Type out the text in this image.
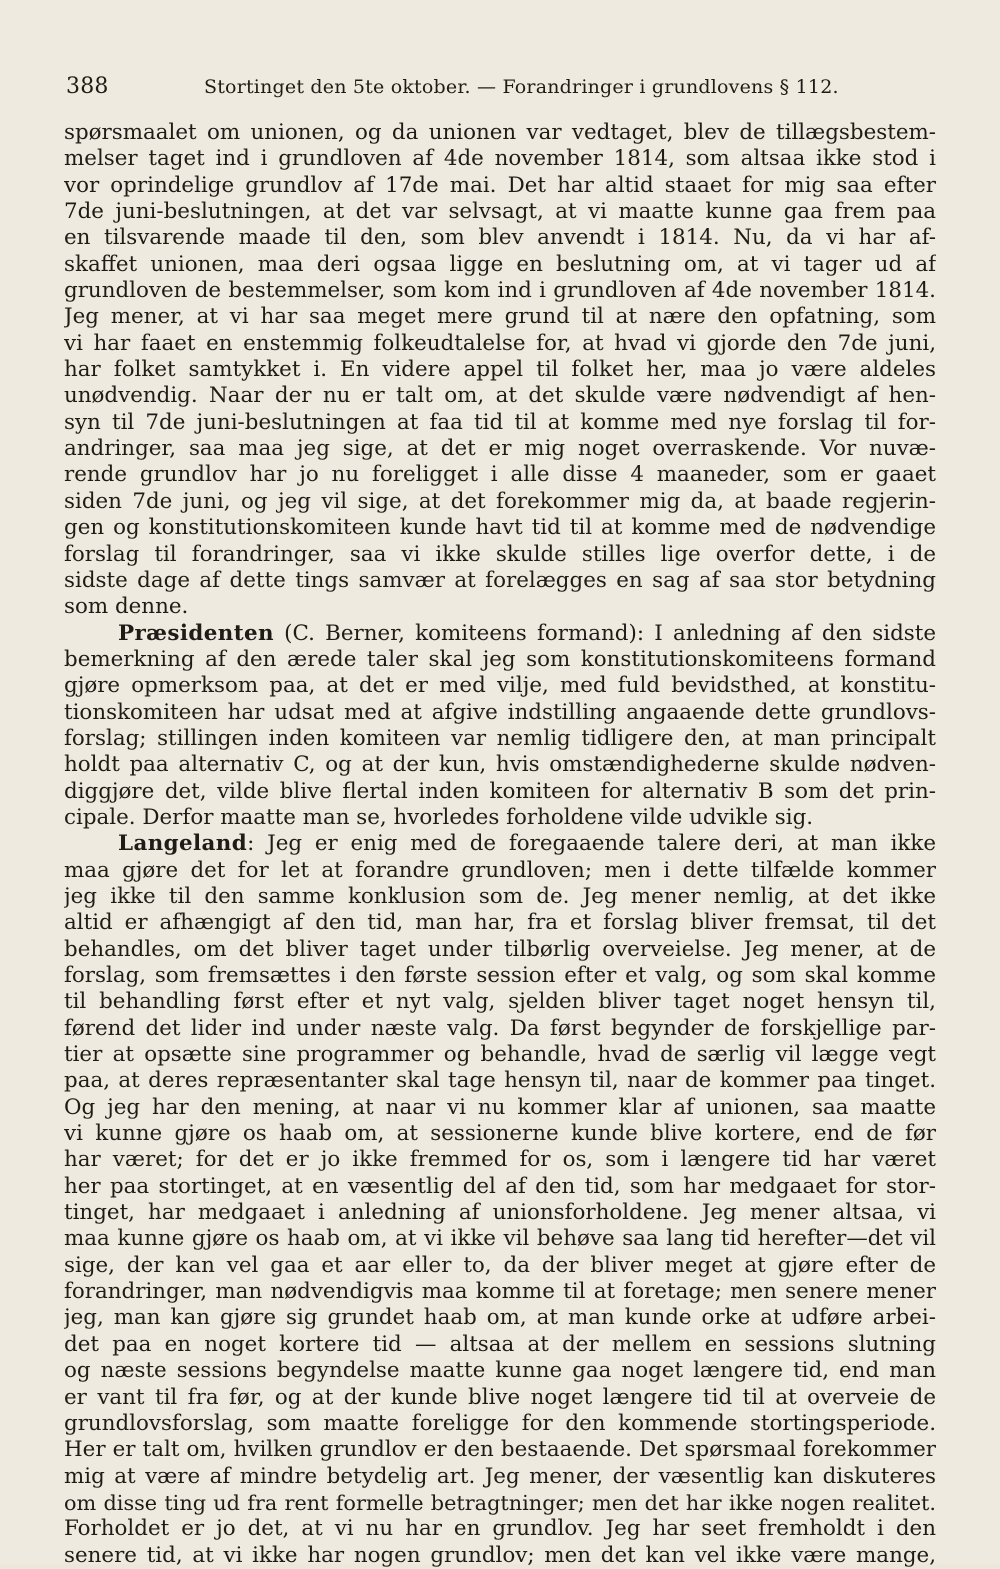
388	Stortinget den 5te oktober. — Forandringer i grundlovens § 112.
spørsmaalet om unionen, og da unionen var vedtaget, blev de tillægsbestem-
melser taget ind i grundloven af 4de november 1814, som altsaa ikke stod i
vor oprindelige grundlov af 17de mai. Det har altid staaet for mig saa efter
7de juni-beslutningen, at det var selvsagt, at vi maatte kunne gaa frem paa
en tilsvarende maade til den, som blev anvendt i 1814. Nu, da vi har af-
skaffet unionen, maa deri ogsaa ligge en beslutning om, at vi tager ud af
grundloven de bestemmelser, som kom ind i grundloven af 4de november 1814.
Jeg mener, at vi har saa meget mere grund til at nære den opfatning, som
vi har faaet en enstemmig folkeudtalelse for, at hvad vi gjorde den 7de juni,
har folket samtykket i. En videre appel til folket her, maa jo være aldeles
unødvendig. Naar der nu er talt om, at det skulde være nødvendigt af hen-
syn til 7de juni-beslutningen at faa tid til at komme med nye forslag til for-
andringer, saa maa jeg sige, at det er mig noget overraskende. Vor nuvæ-
rende grundlov har jo nu foreligget i alle disse 4 maaneder, som er gaaet
siden 7de juni, og jeg vil sige, at det forekommer mig da, at baade regjerin-
gen og konstitutionskomiteen kunde havt tid til at komme med de nødvendige
forslag til forandringer, saa vi ikke skulde stilles lige overfor dette, i de
sidste dage af dette tings samvær at forelægges en sag af saa stor betydning
som denne.
Præsidenten (C. Berner, komiteens formand): I anledning af den sidste
bemerkning af den ærede taler skal jeg som konstitutionskomiteens formand
gjøre opmerksom paa, at det er med vilje, med fuld bevidsthed, at konstitu-
tionskomiteen har udsat med at afgive indstilling angaaende dette grundlovs-
forslag; stillingen inden komiteen var nemlig tidligere den, at man principalt
holdt paa alternativ C, og at der kun, hvis omstændighederne skulde nødven-
diggjøre det, vilde blive flertal inden komiteen for alternativ B som det prin-
cipale. Derfor maatte man se, hvorledes forholdene vilde udvikle sig.
Langeland: Jeg er enig med de foregaaende talere deri, at man ikke
maa gjøre det for let at forandre grundloven; men i dette tilfælde kommer
jeg ikke til den samme konklusion som de. Jeg mener nemlig, at det ikke
altid er afhængigt af den tid, man har, fra et forslag bliver fremsat, til det
behandles, om det bliver taget under tilbørlig overveielse. Jeg mener, at de
forslag, som fremsættes i den første session efter et valg, og som skal komme
til behandling først efter et nyt valg, sjelden bliver taget noget hensyn til,
førend det lider ind under næste valg. Da først begynder de forskjellige par-
tier at opsætte sine programmer og behandle, hvad de særlig vil lægge vegt
paa, at deres repræsentanter skal tage hensyn til, naar de kommer paa tinget.
Og jeg har den mening, at naar vi nu kommer klar af unionen, saa maatte
vi kunne gjøre os haab om, at sessionerne kunde blive kortere, end de før
har været; for det er jo ikke fremmed for os, som i længere tid har været
her paa stortinget, at en væsentlig del af den tid, som har medgaaet for stor-
tinget, har medgaaet i anledning af unionsforholdene. Jeg mener altsaa, vi
maa kunne gjøre os haab om, at vi ikke vil behøve saa lang tid herefter—det vil
sige, der kan vel gaa et aar eller to, da der bliver meget at gjøre efter de
forandringer, man nødvendigvis maa komme til at foretage; men senere mener
jeg, man kan gjøre sig grundet haab om, at man kunde orke at udføre arbei-
det paa en noget kortere tid — altsaa at der mellem en sessions slutning
og næste sessions begyndelse maatte kunne gaa noget længere tid, end man
er vant til fra før, og at der kunde blive noget længere tid til at overveie de
grundlovsforslag, som maatte foreligge for den kommende stortingsperiode.
Her er talt om, hvilken grundlov er den bestaaende. Det spørsmaal forekommer
mig at være af mindre betydelig art. Jeg mener, der væsentlig kan diskuteres
om disse ting ud fra rent formelle betragtninger; men det har ikke nogen realitet.
Forholdet er jo det, at vi nu har en grundlov. Jeg har seet fremholdt i den
senere tid, at vi ikke har nogen grundlov; men det kan vel ikke være mange,
